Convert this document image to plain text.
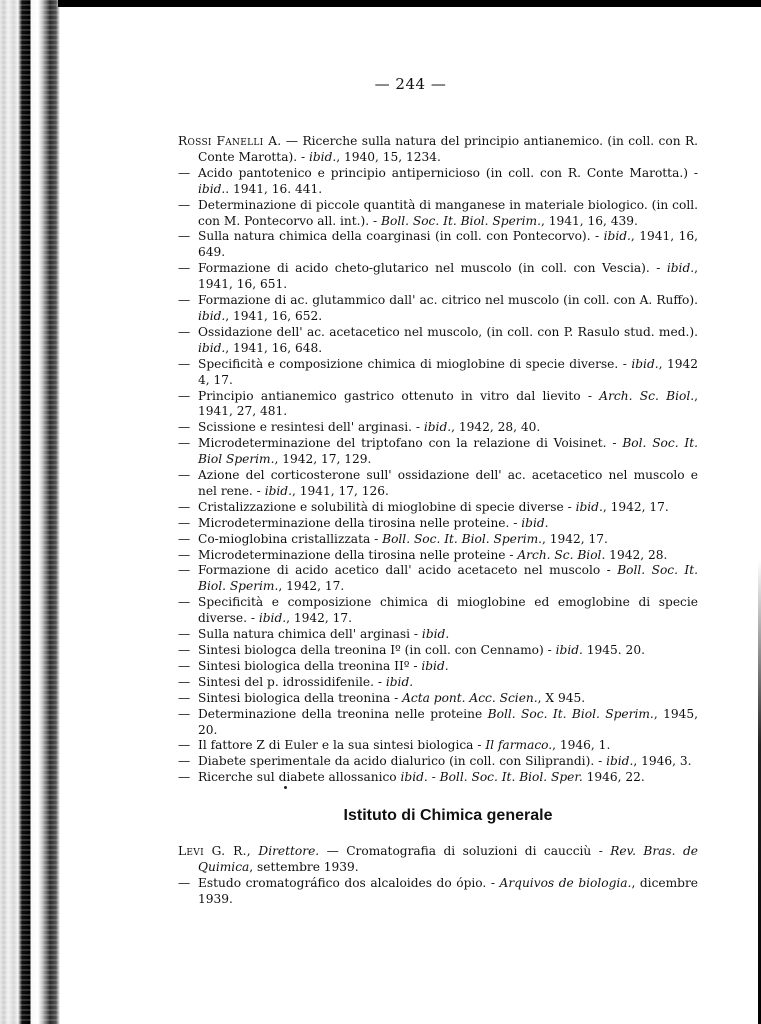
— 244 —
Rossi Fanelli A. — Ricerche sulla natura del principio antianemico. (in coll. con R. Conte Marotta). - ibid., 1940, 15, 1234.
— Acido pantotenico e principio antipernicioso (in coll. con R. Conte Marotta.) - ibid.. 1941, 16. 441.
— Determinazione di piccole quantità di manganese in materiale biologico. (in coll. con M. Pontecorvo all. int.). - Boll. Soc. It. Biol. Sperim., 1941, 16, 439.
— Sulla natura chimica della coarginasi (in coll. con Pontecorvo). - ibid., 1941, 16, 649.
— Formazione di acido cheto-glutarico nel muscolo (in coll. con Vescia). - ibid., 1941, 16, 651.
— Formazione di ac. glutammico dall' ac. citrico nel muscolo (in coll. con A. Ruffo). ibid., 1941, 16, 652.
— Ossidazione dell' ac. acetacetico nel muscolo, (in coll. con P. Rasulo stud. med.). ibid., 1941, 16, 648.
— Specificità e composizione chimica di mioglobine di specie diverse. - ibid., 1942 4, 17.
— Principio antianemico gastrico ottenuto in vitro dal lievito - Arch. Sc. Biol., 1941, 27, 481.
— Scissione e resintesi dell' arginasi. - ibid., 1942, 28, 40.
— Microdeterminazione del triptofano con la relazione di Voisinet. - Bol. Soc. It. Biol Sperim., 1942, 17, 129.
— Azione del corticosterone sull' ossidazione dell' ac. acetacetico nel muscolo e nel rene. - ibid., 1941, 17, 126.
— Cristalizzazione e solubilità di mioglobine di specie diverse - ibid., 1942, 17.
— Microdeterminazione della tirosina nelle proteine. - ibid.
— Co-mioglobina cristallizzata - Boll. Soc. It. Biol. Sperim., 1942, 17.
— Microdeterminazione della tirosina nelle proteine - Arch. Sc. Biol. 1942, 28.
— Formazione di acido acetico dall' acido acetaceto nel muscolo - Boll. Soc. It. Biol. Sperim., 1942, 17.
— Specificità e composizione chimica di mioglobine ed emoglobine di specie diverse. - ibid., 1942, 17.
— Sulla natura chimica dell' arginasi - ibid.
— Sintesi biologca della treonina Iº (in coll. con Cennamo) - ibid. 1945. 20.
— Sintesi biologica della treonina IIº - ibid.
— Sintesi del p. idrossidifenile. - ibid.
— Sintesi biologica della treonina - Acta pont. Acc. Scien., X 945.
— Determinazione della treonina nelle proteine Boll. Soc. It. Biol. Sperim., 1945, 20.
— Il fattore Z di Euler e la sua sintesi biologica - Il farmaco., 1946, 1.
— Diabete sperimentale da acido dialurico (in coll. con Siliprandi). - ibid., 1946, 3.
— Ricerche sul diabete allossanico ibid. - Boll. Soc. It. Biol. Sper. 1946, 22.
Istituto di Chimica generale
Levi G. R., Direttore. — Cromatografia di soluzioni di caucciù - Rev. Bras. de Quimica, settembre 1939.
— Estudo cromatográfico dos alcaloides do ópio. - Arquivos de biologia., dicembre 1939.
